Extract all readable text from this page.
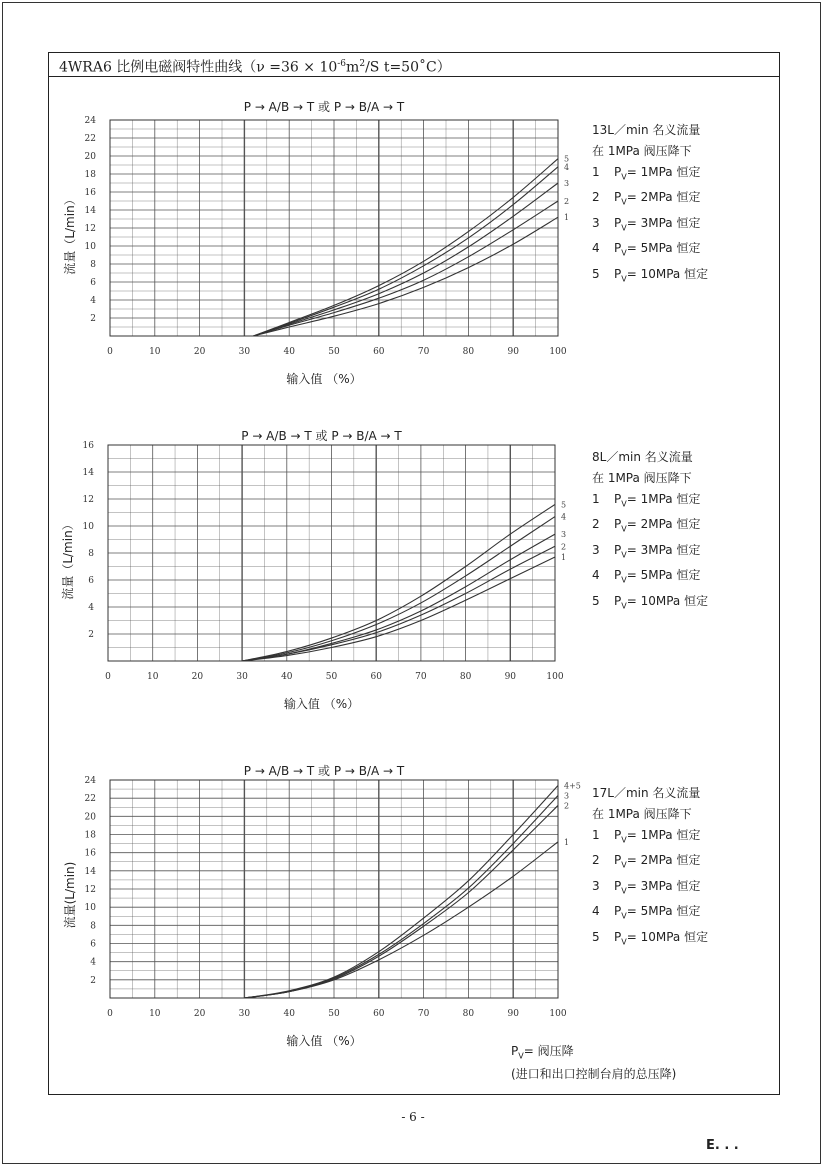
4WRA6 比例电磁阀特性曲线（$\nu =36 \times 10^{-6}m^2/S$ t=50˚C）
0	10	20	30	40	50	60	70	80	90	100
2
4
6
8
10
12
14
16
18
20
22
24
P → A/B → T 或 P → B/A → T
输入值 （%）
流量（L/min）	1
2
3
4
5
0	10	20	30	40	50	60	70	80	90	100
2
4
6
8
10
12
14
16
P → A/B → T 或 P → B/A → T
输入值 （%）
流量（L/min）	1
2
3
4
5
0	10	20	30	40	50	60	70	80	90	100
2
4
6
8
10
12
14
16
18
20
22
24
P → A/B → T 或 P → B/A → T
输入值 （%）
流量(L/min)
1
2
3
4+5
13L／min 名义流量
在 1MPa 阀压降下
1 $P_V= 1MPa$ 恒定
2 $P_V= 2MPa$ 恒定
3 $P_V= 3MPa$ 恒定
4 $P_V= 5MPa$ 恒定
5 $P_V= 10MPa$ 恒定
8L／min 名义流量
在 1MPa 阀压降下
1 $P_V= 1MPa$ 恒定
2 $P_V= 2MPa$ 恒定
3 $P_V= 3MPa$ 恒定
4 $P_V= 5MPa$ 恒定
5 $P_V= 10MPa$ 恒定
17L／min 名义流量
在 1MPa 阀压降下
1 $P_V= 1MPa$ 恒定
2 $P_V= 2MPa$ 恒定
3 $P_V= 3MPa$ 恒定
4 $P_V= 5MPa$ 恒定
5 $P_V= 10MPa$ 恒定
$P_V=$ 阀压降
(进口和出口控制台肩的总压降)
- 6 -
E. . .
